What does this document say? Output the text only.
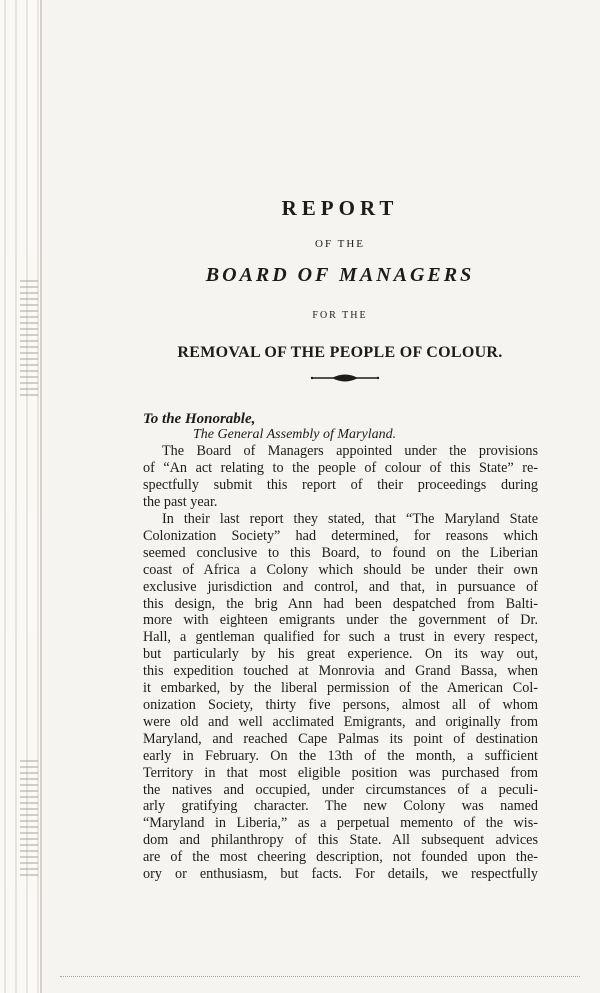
REPORT
OF THE
BOARD OF MANAGERS
FOR THE
REMOVAL OF THE PEOPLE OF COLOUR.
To the Honorable,
The General Assembly of Maryland.
The Board of Managers appointed under the provisions
of “An act relating to the people of colour of this State” re-
spectfully submit this report of their proceedings during
the past year.
In their last report they stated, that “The Maryland State
Colonization Society” had determined, for reasons which
seemed conclusive to this Board, to found on the Liberian
coast of Africa a Colony which should be under their own
exclusive jurisdiction and control, and that, in pursuance of
this design, the brig Ann had been despatched from Balti-
more with eighteen emigrants under the government of Dr.
Hall, a gentleman qualified for such a trust in every respect,
but particularly by his great experience. On its way out,
this expedition touched at Monrovia and Grand Bassa, when
it embarked, by the liberal permission of the American Col-
onization Society, thirty five persons, almost all of whom
were old and well acclimated Emigrants, and originally from
Maryland, and reached Cape Palmas its point of destination
early in February. On the 13th of the month, a sufficient
Territory in that most eligible position was purchased from
the natives and occupied, under circumstances of a peculi-
arly gratifying character. The new Colony was named
“Maryland in Liberia,” as a perpetual memento of the wis-
dom and philanthropy of this State. All subsequent advices
are of the most cheering description, not founded upon the-
ory or enthusiasm, but facts. For details, we respectfully
